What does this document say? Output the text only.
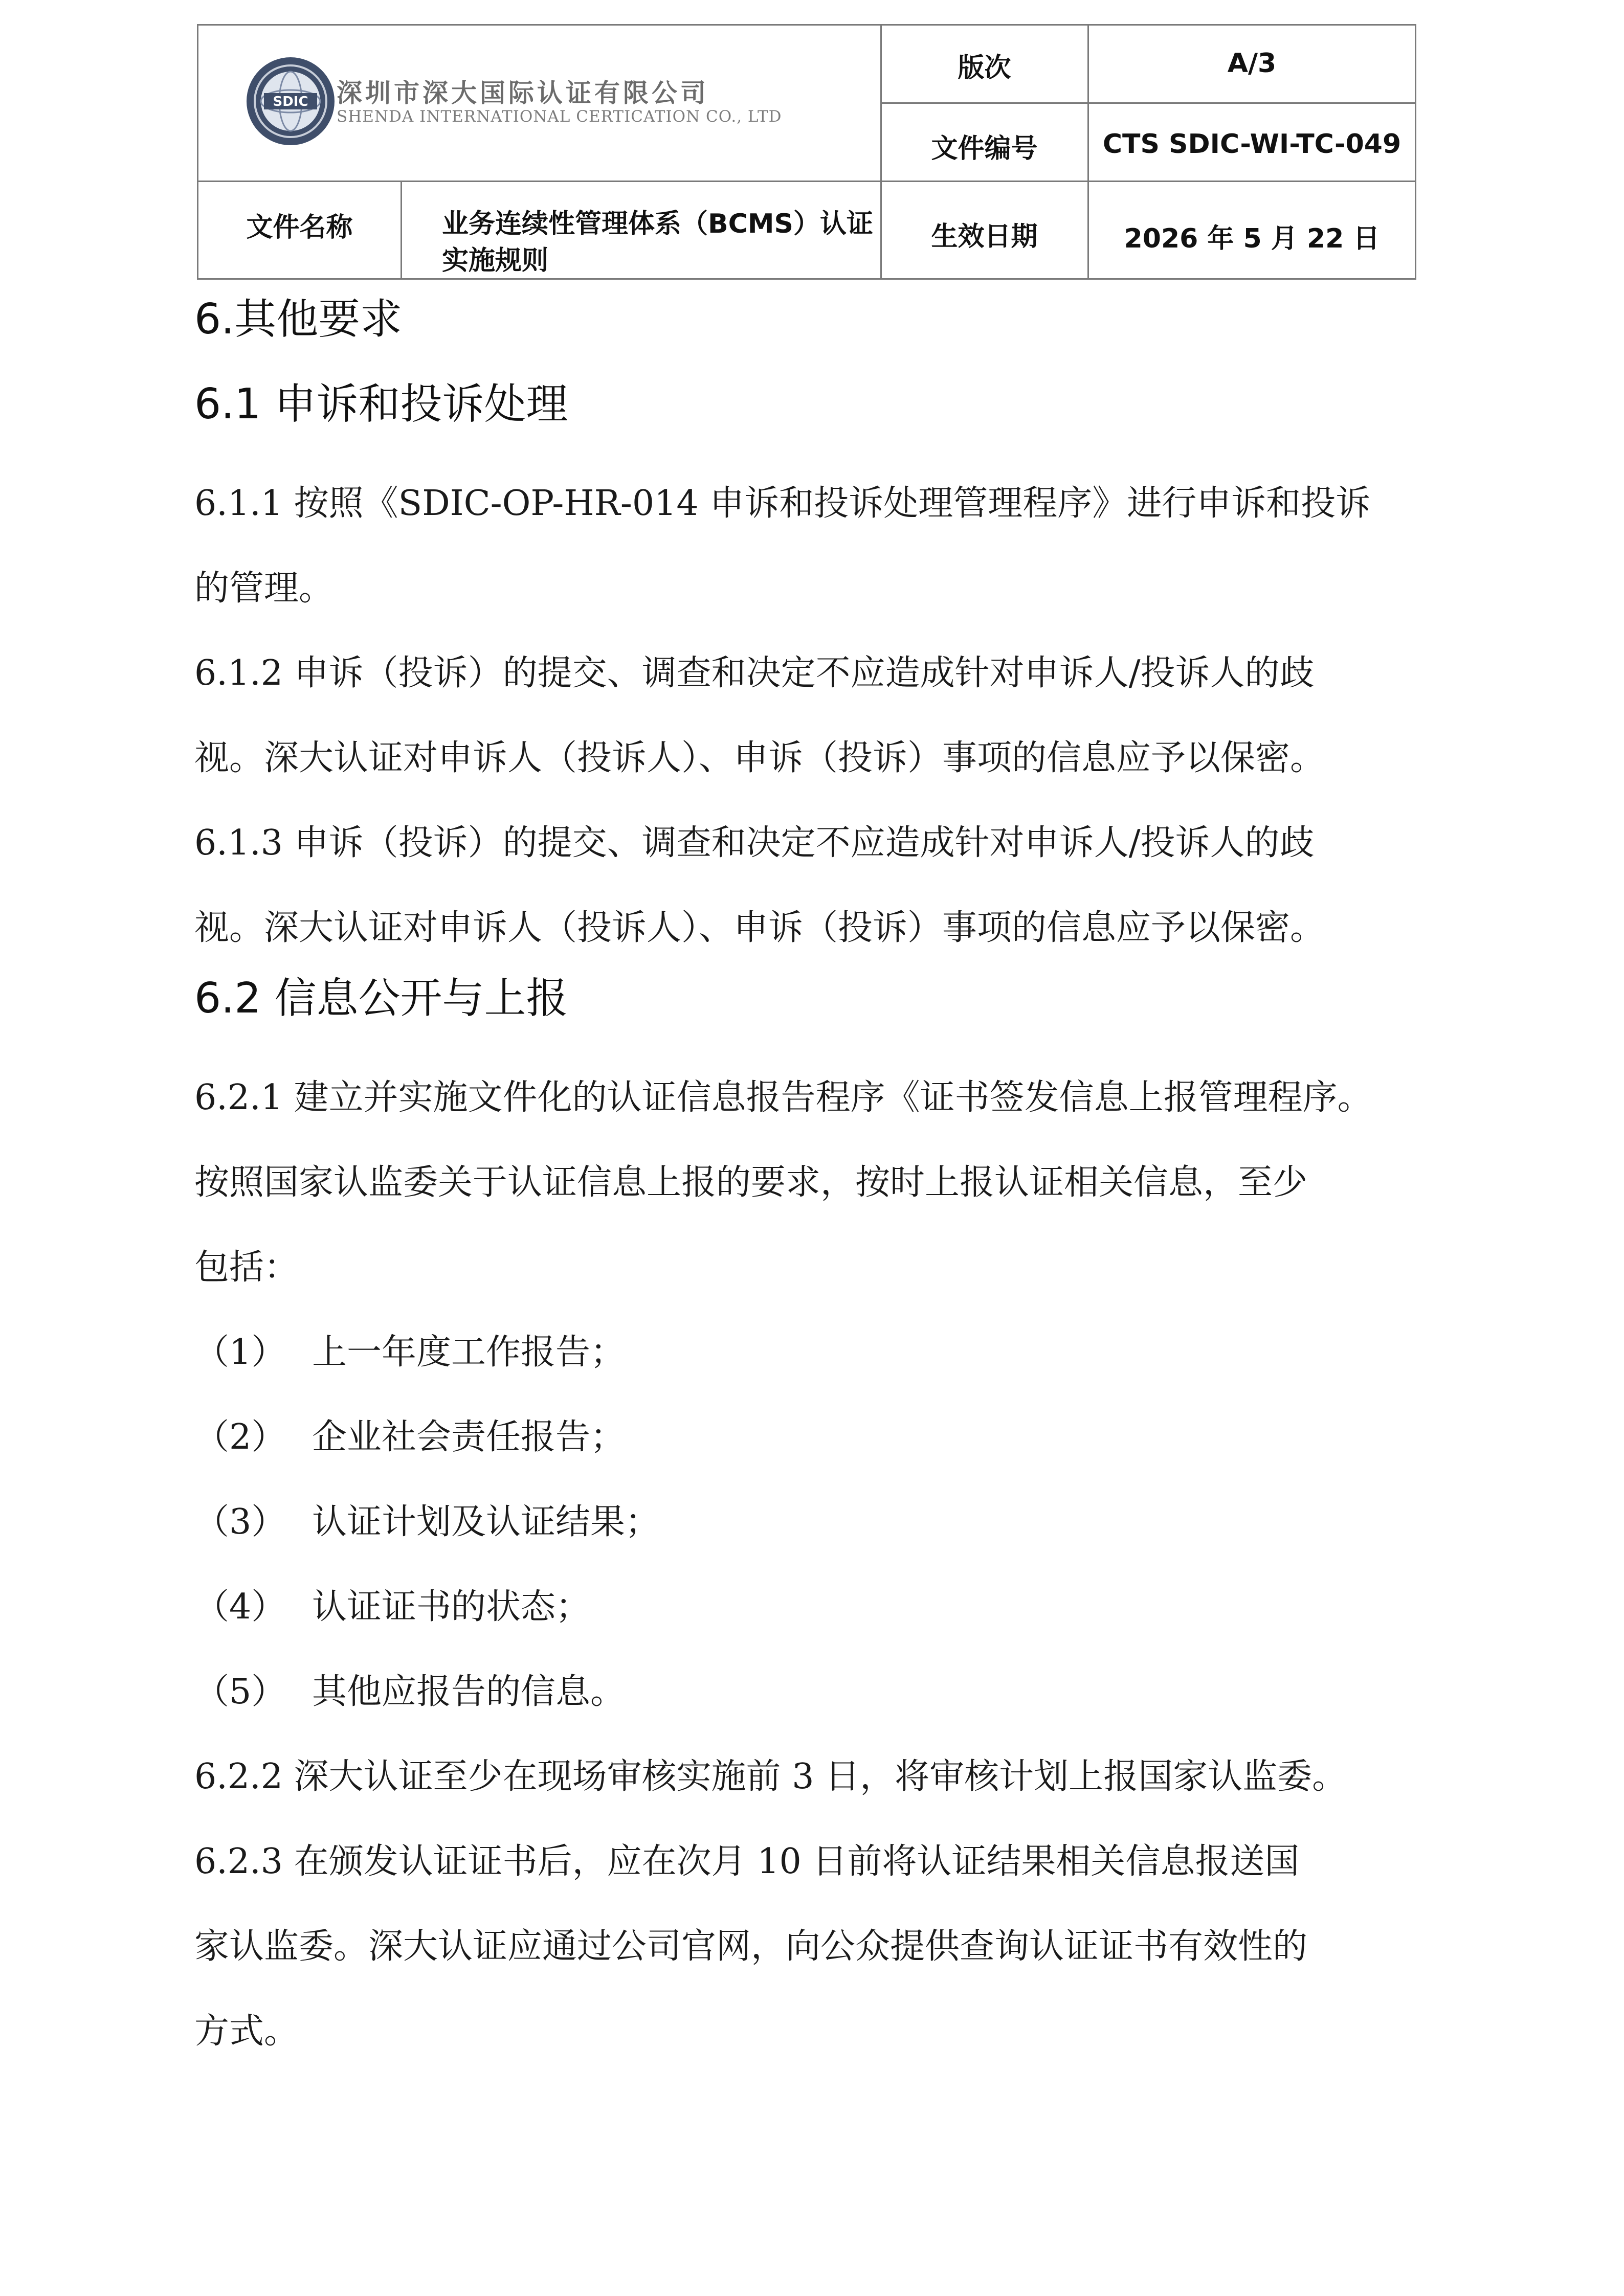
SDIC 深圳市深大国际认证有限公司
SHENDA INTERNATIONAL CERTICATION CO., LTD
版次	A/3
文件编号	CTS SDIC-WI-TC-049
文件名称	业务连续性管理体系（BCMS）认证实施规则
生效日期	2026 年 5 月 22 日
6.其他要求
6.1 申诉和投诉处理
6.1.1 按照《SDIC-OP-HR-014 申诉和投诉处理管理程序》进行申诉和投诉
的管理。
6.1.2 申诉（投诉）的提交、调查和决定不应造成针对申诉人/投诉人的歧
视。深大认证对申诉人（投诉人）、申诉（投诉）事项的信息应予以保密。
6.1.3 申诉（投诉）的提交、调查和决定不应造成针对申诉人/投诉人的歧
视。深大认证对申诉人（投诉人）、申诉（投诉）事项的信息应予以保密。
6.2 信息公开与上报
6.2.1 建立并实施文件化的认证信息报告程序《证书签发信息上报管理程序。
按照国家认监委关于认证信息上报的要求，按时上报认证相关信息，至少
包括：
（1） 上一年度工作报告；
（2） 企业社会责任报告；
（3） 认证计划及认证结果；
（4） 认证证书的状态；
（5） 其他应报告的信息。
6.2.2 深大认证至少在现场审核实施前 3 日，将审核计划上报国家认监委。
6.2.3 在颁发认证证书后，应在次月 10 日前将认证结果相关信息报送国
家认监委。深大认证应通过公司官网，向公众提供查询认证证书有效性的
方式。
